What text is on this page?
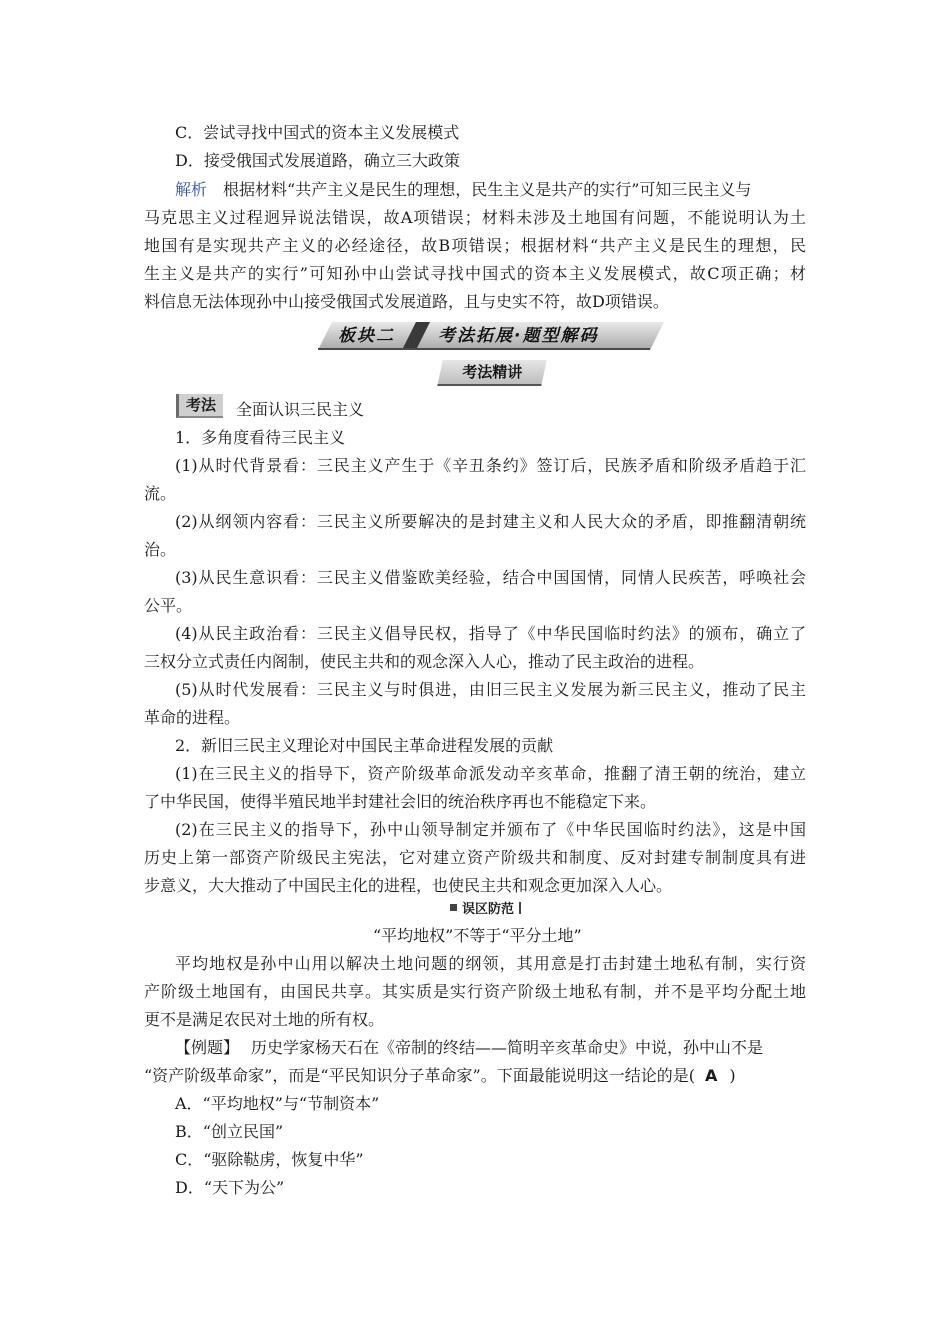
C．尝试寻找中国式的资本主义发展模式
D．接受俄国式发展道路，确立三大政策
解析 根据材料“共产主义是民生的理想，民生主义是共产的实行”可知三民主义与
马克思主义过程迥异说法错误，故A项错误；材料未涉及土地国有问题，不能说明认为土
地国有是实现共产主义的必经途径，故B项错误；根据材料“共产主义是民生的理想，民
生主义是共产的实行”可知孙中山尝试寻找中国式的资本主义发展模式，故C项正确；材
料信息无法体现孙中山接受俄国式发展道路，且与史实不符，故D项错误。
板块二	考法拓展·题型解码
考法精讲
考法	全面认识三民主义
1．多角度看待三民主义
(1)从时代背景看：三民主义产生于《辛丑条约》签订后，民族矛盾和阶级矛盾趋于汇
流。
(2)从纲领内容看：三民主义所要解决的是封建主义和人民大众的矛盾，即推翻清朝统
治。
(3)从民生意识看：三民主义借鉴欧美经验，结合中国国情，同情人民疾苦，呼唤社会
公平。
(4)从民主政治看：三民主义倡导民权，指导了《中华民国临时约法》的颁布，确立了
三权分立式责任内阁制，使民主共和的观念深入人心，推动了民主政治的进程。
(5)从时代发展看：三民主义与时俱进，由旧三民主义发展为新三民主义，推动了民主
革命的进程。
2．新旧三民主义理论对中国民主革命进程发展的贡献
(1)在三民主义的指导下，资产阶级革命派发动辛亥革命，推翻了清王朝的统治，建立
了中华民国，使得半殖民地半封建社会旧的统治秩序再也不能稳定下来。
(2)在三民主义的指导下，孙中山领导制定并颁布了《中华民国临时约法》，这是中国
历史上第一部资产阶级民主宪法，它对建立资产阶级共和制度、反对封建专制制度具有进
步意义，大大推动了中国民主化的进程，也使民主共和观念更加深入人心。
误区防范
“平均地权”不等于“平分土地”
平均地权是孙中山用以解决土地问题的纲领，其用意是打击封建土地私有制，实行资
产阶级土地国有，由国民共享。其实质是实行资产阶级土地私有制，并不是平均分配土地
更不是满足农民对土地的所有权。
【例题】 历史学家杨天石在《帝制的终结——简明辛亥革命史》中说，孙中山不是
“资产阶级革命家”，而是“平民知识分子革命家”。下面最能说明这一结论的是( A )
A．“平均地权”与“节制资本”
B．“创立民国”
C．“驱除鞑虏，恢复中华”
D．“天下为公”
